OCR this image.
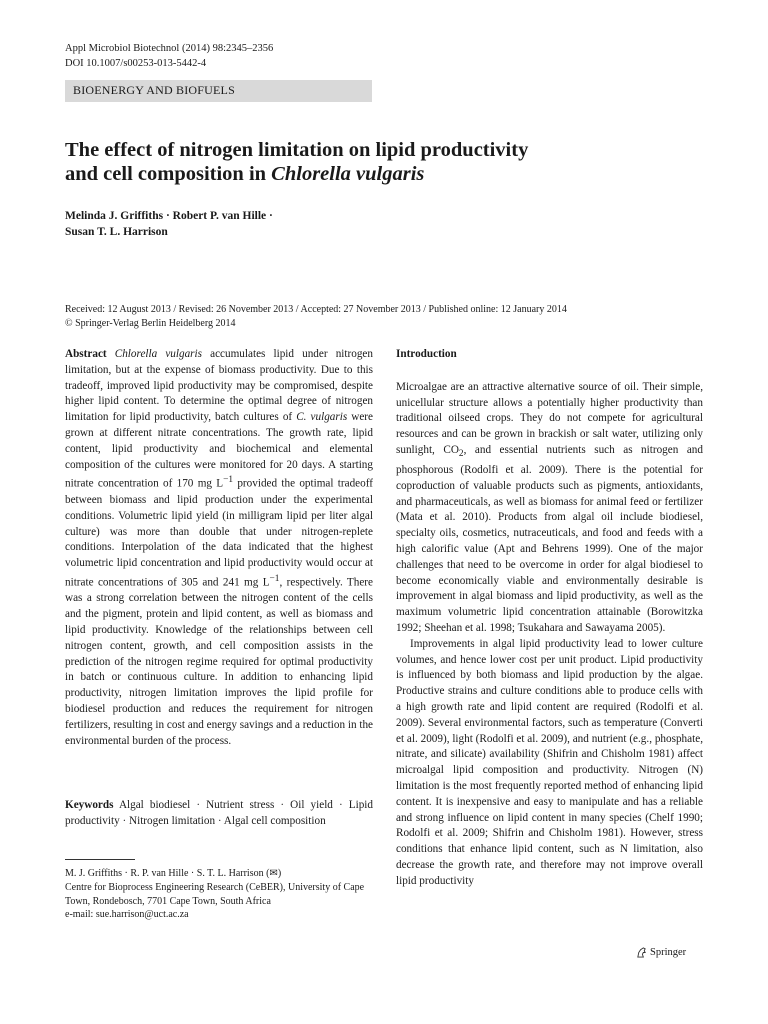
Appl Microbiol Biotechnol (2014) 98:2345–2356
DOI 10.1007/s00253-013-5442-4
BIOENERGY AND BIOFUELS
The effect of nitrogen limitation on lipid productivity
and cell composition in Chlorella vulgaris
Melinda J. Griffiths · Robert P. van Hille ·
Susan T. L. Harrison
Received: 12 August 2013 / Revised: 26 November 2013 / Accepted: 27 November 2013 / Published online: 12 January 2014
© Springer-Verlag Berlin Heidelberg 2014

Abstract Chlorella vulgaris accumulates lipid under nitrogen limitation, but at the expense of biomass productivity. Due to this tradeoff, improved lipid productivity may be compromised, despite higher lipid content. To determine the optimal degree of nitrogen limitation for lipid productivity, batch cultures of C. vulgaris were grown at different nitrate concentrations. The growth rate, lipid content, lipid productivity and biochemical and elemental composition of the cultures were monitored for 20 days. A starting nitrate concentration of 170 mg $L^{-1}$ provided the optimal tradeoff between biomass and lipid production under the experimental conditions. Volumetric lipid yield (in milligram lipid per liter algal culture) was more than double that under nitrogen-replete conditions. Interpolation of the data indicated that the highest volumetric lipid concentration and lipid productivity would occur at nitrate concentrations of 305 and 241 mg $L^{-1}$, respectively. There was a strong correlation between the nitrogen content of the cells and the pigment, protein and lipid content, as well as biomass and lipid productivity. Knowledge of the relationships between cell nitrogen content, growth, and cell composition assists in the prediction of the nitrogen regime required for optimal productivity in batch or continuous culture. In addition to enhancing lipid productivity, nitrogen limitation improves the lipid profile for biodiesel production and reduces the requirement for nitrogen fertilizers, resulting in cost and energy savings and a reduction in the environmental burden of the process.

Keywords Algal biodiesel · Nutrient stress · Oil yield · Lipid productivity · Nitrogen limitation · Algal cell composition

M. J. Griffiths · R. P. van Hille · S. T. L. Harrison (✉)
Centre for Bioprocess Engineering Research (CeBER), University of Cape Town, Rondebosch, 7701 Cape Town, South Africa
e-mail: sue.harrison@uct.ac.za

Introduction

Microalgae are an attractive alternative source of oil. Their simple, unicellular structure allows a potentially higher productivity than traditional oilseed crops. They do not compete for agricultural resources and can be grown in brackish or salt water, utilizing only sunlight, $CO_2$, and essential nutrients such as nitrogen and phosphorous (Rodolfi et al. 2009). There is the potential for coproduction of valuable products such as pigments, antioxidants, and pharmaceuticals, as well as biomass for animal feed or fertilizer (Mata et al. 2010). Products from algal oil include biodiesel, specialty oils, cosmetics, nutraceuticals, and food and feeds with a high calorific value (Apt and Behrens 1999). One of the major challenges that need to be overcome in order for algal biodiesel to become economically viable and environmentally desirable is improvement in algal biomass and lipid productivity, as well as the maximum volumetric lipid concentration attainable (Borowitzka 1992; Sheehan et al. 1998; Tsukahara and Sawayama 2005).

Improvements in algal lipid productivity lead to lower culture volumes, and hence lower cost per unit product. Lipid productivity is influenced by both biomass and lipid production by the algae. Productive strains and culture conditions able to produce cells with a high growth rate and lipid content are required (Rodolfi et al. 2009). Several environmental factors, such as temperature (Converti et al. 2009), light (Rodolfi et al. 2009), and nutrient (e.g., phosphate, nitrate, and silicate) availability (Shifrin and Chisholm 1981) affect microalgal lipid composition and productivity. Nitrogen (N) limitation is the most frequently reported method of enhancing lipid content. It is inexpensive and easy to manipulate and has a reliable and strong influence on lipid content in many species (Chelf 1990; Rodolfi et al. 2009; Shifrin and Chisholm 1981). However, stress conditions that enhance lipid content, such as N limitation, also decrease the growth rate, and therefore may not improve overall lipid productivity

Springer
